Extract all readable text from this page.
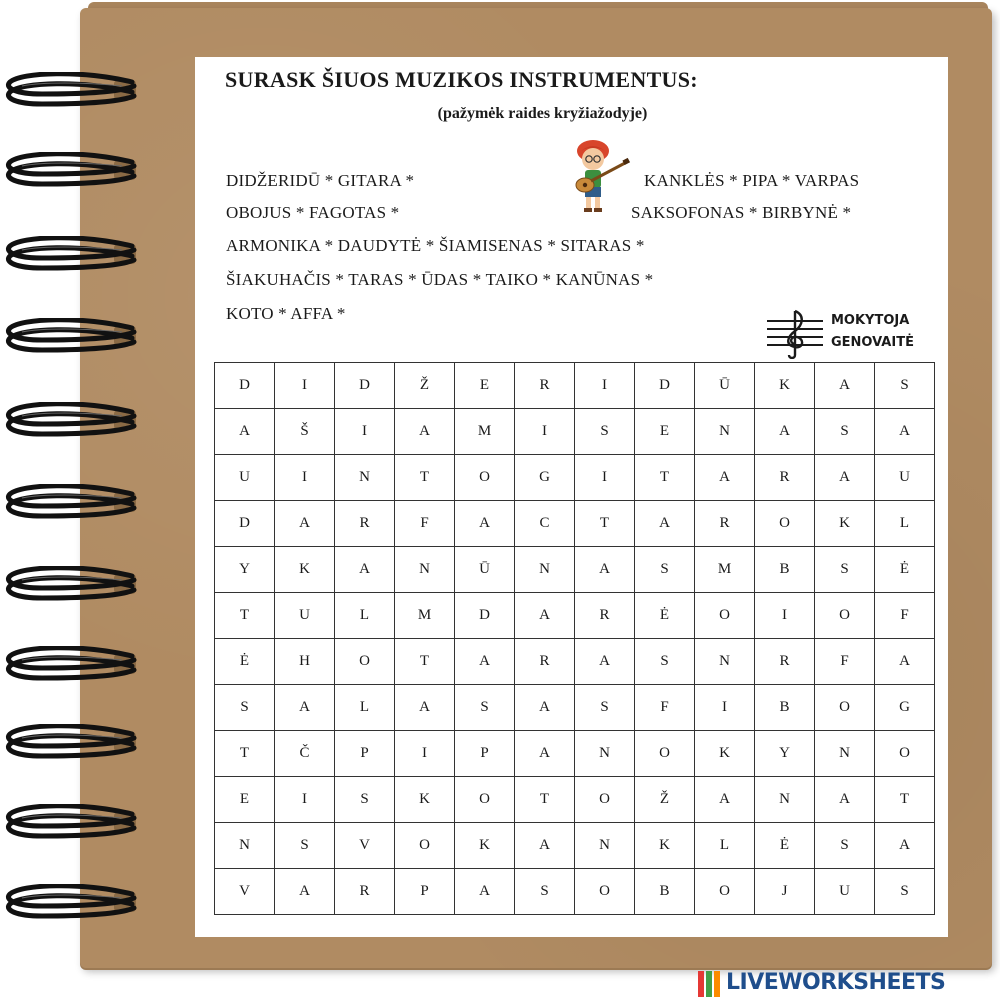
SURASK ŠIUOS MUZIKOS INSTRUMENTUS:
(pažymėk raides kryžiažodyje)

DIDŽERIDŪ * GITARA *	KANKLĖS * PIPA * VARPAS

OBOJUS * FAGOTAS *	SAKSOFONAS * BIRBYNĖ *

ARMONIKA * DAUDYTĖ * ŠIAMISENAS * SITARAS *

ŠIAKUHAČIS * TARAS * ŪDAS * TAIKO * KANŪNAS *

KOTO * AFFA *	MOKYTOJA
GENOVAITĖ
D	I	D	Ž	E	R	I	D	Ū	K	A	S
A	Š	I	A	M	I	S	E	N	A	S	A
U	I	N	T	O	G	I	T	A	R	A	U
D	A	R	F	A	C	T	A	R	O	K	L
Y	K	A	N	Ū	N	A	S	M	B	S	Ė
T	U	L	M	D	A	R	Ė	O	I	O	F
Ė	H	O	T	A	R	A	S	N	R	F	A
S	A	L	A	S	A	S	F	I	B	O	G
T	Č	P	I	P	A	N	O	K	Y	N	O
E	I	S	K	O	T	O	Ž	A	N	A	T
N	S	V	O	K	A	N	K	L	Ė	S	A
V	A	R	P	A	S	O	B	O	J	U	S
LIVEWORKSHEETS
